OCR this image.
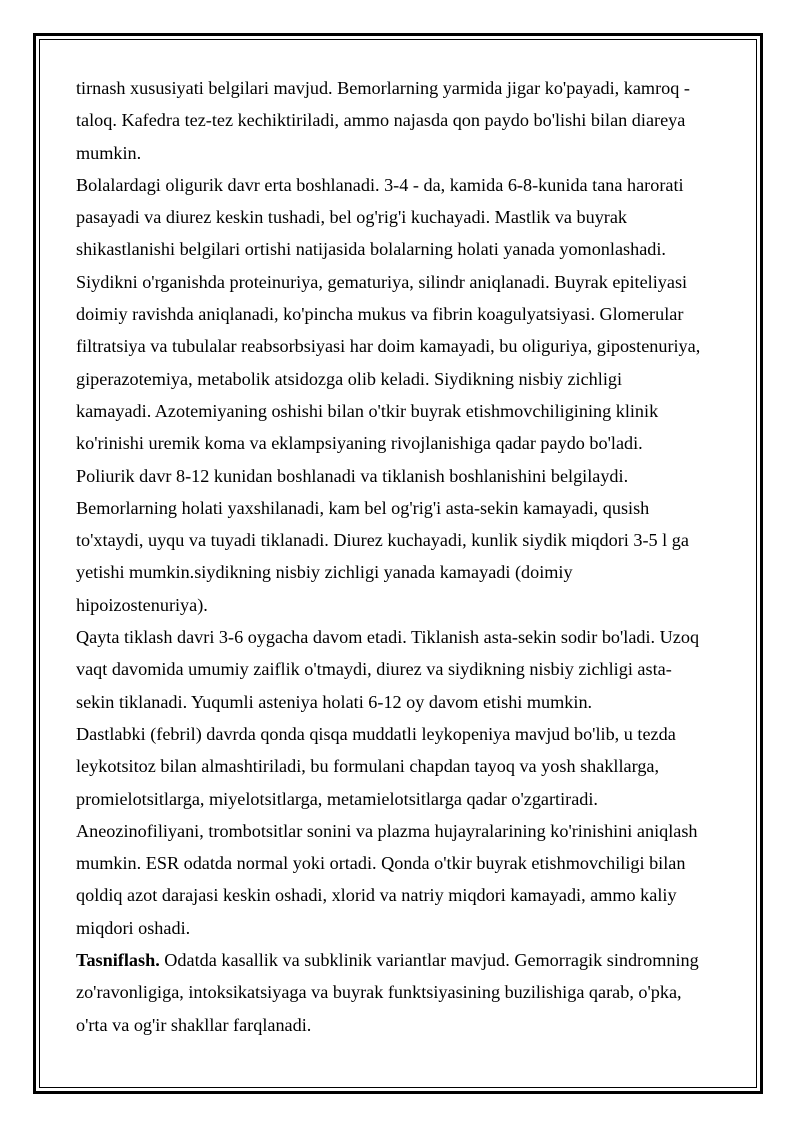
tirnash xususiyati belgilari mavjud. Bemorlarning yarmida jigar ko'payadi, kamroq -
taloq. Kafedra tez-tez kechiktiriladi, ammo najasda qon paydo bo'lishi bilan diareya
mumkin.

Bolalardagi oligurik davr erta boshlanadi. 3-4 - da, kamida 6-8-kunida tana harorati
pasayadi va diurez keskin tushadi, bel og'rig'i kuchayadi. Mastlik va buyrak
shikastlanishi belgilari ortishi natijasida bolalarning holati yanada yomonlashadi.
Siydikni o'rganishda proteinuriya, gematuriya, silindr aniqlanadi. Buyrak epiteliyasi
doimiy ravishda aniqlanadi, ko'pincha mukus va fibrin koagulyatsiyasi. Glomerular
filtratsiya va tubulalar reabsorbsiyasi har doim kamayadi, bu oliguriya, gipostenuriya,
giperazotemiya, metabolik atsidozga olib keladi. Siydikning nisbiy zichligi
kamayadi. Azotemiyaning oshishi bilan o'tkir buyrak etishmovchiligining klinik
ko'rinishi uremik koma va eklampsiyaning rivojlanishiga qadar paydo bo'ladi.

Poliurik davr 8-12 kunidan boshlanadi va tiklanish boshlanishini belgilaydi.
Bemorlarning holati yaxshilanadi, kam bel og'rig'i asta-sekin kamayadi, qusish
to'xtaydi, uyqu va tuyadi tiklanadi. Diurez kuchayadi, kunlik siydik miqdori 3-5 l ga
yetishi mumkin.siydikning nisbiy zichligi yanada kamayadi (doimiy
hipoizostenuriya).

Qayta tiklash davri 3-6 oygacha davom etadi. Tiklanish asta-sekin sodir bo'ladi. Uzoq
vaqt davomida umumiy zaiflik o'tmaydi, diurez va siydikning nisbiy zichligi asta-
sekin tiklanadi. Yuqumli asteniya holati 6-12 oy davom etishi mumkin.

Dastlabki (febril) davrda qonda qisqa muddatli leykopeniya mavjud bo'lib, u tezda
leykotsitoz bilan almashtiriladi, bu formulani chapdan tayoq va yosh shakllarga,
promielotsitlarga, miyelotsitlarga, metamielotsitlarga qadar o'zgartiradi.
Aneozinofiliyani, trombotsitlar sonini va plazma hujayralarining ko'rinishini aniqlash
mumkin. ESR odatda normal yoki ortadi. Qonda o'tkir buyrak etishmovchiligi bilan
qoldiq azot darajasi keskin oshadi, xlorid va natriy miqdori kamayadi, ammo kaliy
miqdori oshadi.

Tasniflash. Odatda kasallik va subklinik variantlar mavjud. Gemorragik sindromning
zo'ravonligiga, intoksikatsiyaga va buyrak funktsiyasining buzilishiga qarab, o'pka,
o'rta va og'ir shakllar farqlanadi.
